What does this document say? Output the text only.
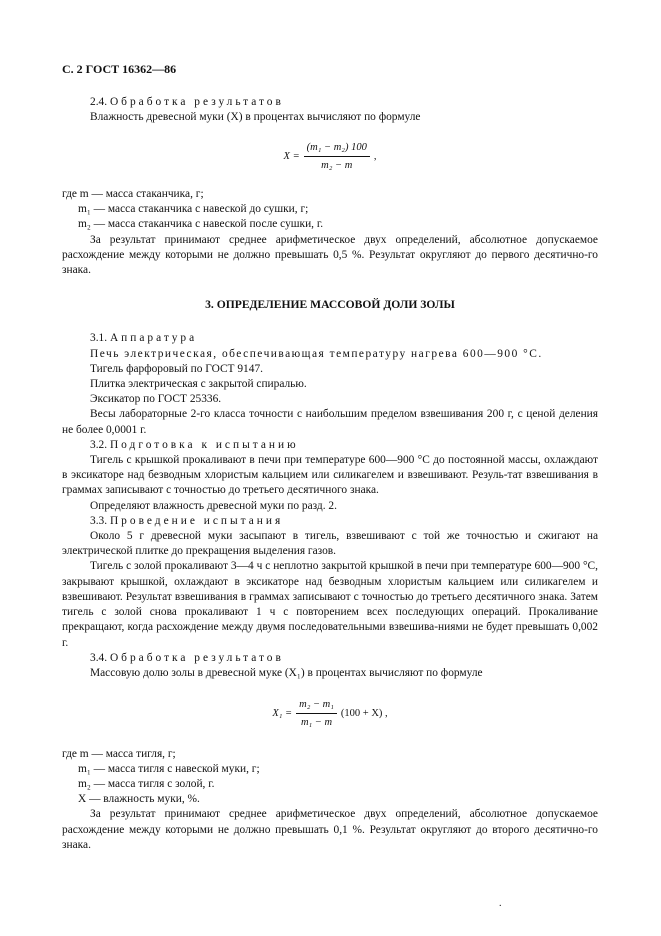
С. 2 ГОСТ 16362—86

2.4. Обработка результатов

Влажность древесной муки (X) в процентах вычисляют по формуле

$X = \frac{\text{(m₁ − m₂) 100}}{\text{m₂ − m}}$ ,

где m — масса стаканчика, г;

m₁ — масса стаканчика с навеской до сушки, г;

m₂ — масса стаканчика с навеской после сушки, г.

За результат принимают среднее арифметическое двух определений, абсолютное допускаемое расхождение между которыми не должно превышать 0,5 %. Результат округляют до первого десятично-го знака.

3. ОПРЕДЕЛЕНИЕ МАССОВОЙ ДОЛИ ЗОЛЫ

3.1. Аппаратура

Печь электрическая, обеспечивающая температуру нагрева 600—900 °С.

Тигель фарфоровый по ГОСТ 9147.

Плитка электрическая с закрытой спиралью.

Эксикатор по ГОСТ 25336.

Весы лабораторные 2-го класса точности с наибольшим пределом взвешивания 200 г, с ценой деления не более 0,0001 г.

3.2. Подготовка к испытанию

Тигель с крышкой прокаливают в печи при температуре 600—900 °С до постоянной массы, охлаждают в эксикаторе над безводным хлористым кальцием или силикагелем и взвешивают. Резуль-тат взвешивания в граммах записывают с точностью до третьего десятичного знака.

Определяют влажность древесной муки по разд. 2.

3.3. Проведение испытания

Около 5 г древесной муки засыпают в тигель, взвешивают с той же точностью и сжигают на электрической плитке до прекращения выделения газов.

Тигель с золой прокаливают 3—4 ч с неплотно закрытой крышкой в печи при температуре 600—900 °С, закрывают крышкой, охлаждают в эксикаторе над безводным хлористым кальцием или силикагелем и взвешивают. Результат взвешивания в граммах записывают с точностью до третьего десятичного знака. Затем тигель с золой снова прокаливают 1 ч с повторением всех последующих операций. Прокаливание прекращают, когда расхождение между двумя последовательными взвешива-ниями не будет превышать 0,002 г.

3.4. Обработка результатов

Массовую долю золы в древесной муке (X₁) в процентах вычисляют по формуле

$X_1 = \frac{\text{m₂ − m₁}}{\text{m₁ − m}} (100 + X)$ ,

где m — масса тигля, г;

m₁ — масса тигля с навеской муки, г;

m₂ — масса тигля с золой, г.

X — влажность муки, %.

За результат принимают среднее арифметическое двух определений, абсолютное допускаемое расхождение между которыми не должно превышать 0,1 %. Результат округляют до второго десятично-го знака.

.
